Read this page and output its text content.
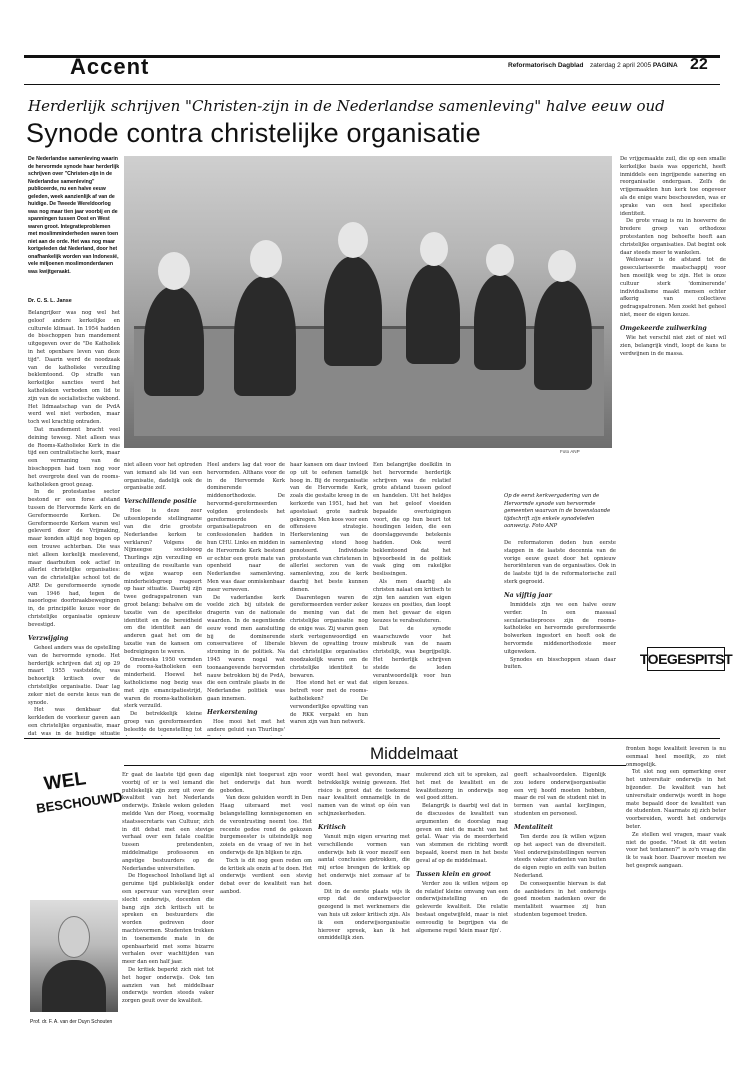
Accent	Reformatorisch Dagblad zaterdag 2 april 2005 PAGINA 22
Herderlijk schrijven "Christen-zijn in de Nederlandse samenleving" halve eeuw oud
Synode contra christelijke organisatie
De Nederlandse samenleving waarin de hervormde synode haar herderlijk schrijven over "Christen-zijn in de Nederlandse samenleving" publiceerde, nu een halve eeuw geleden, week aanzienlijk af van de huidige. De Tweede Wereldoorlog was nog maar tien jaar voorbij en de spanningen tussen Oost en West waren groot. Integratieproblemen met moslimminderheden waren toen niet aan de orde. Het was nog maar kortgeleden dat Nederland, door het onafhankelijk worden van Indonesië, vele miljoenen moslimonderdanen was kwijtgeraakt.
Dr. C. S. L. Janse

Belangrijker was nog wel het geloof andere kerkelijke en culturele klimaat. In 1954 hadden de bisschoppen hun mandement uitgegeven over de "De Katholiek in het openbare leven van deze tijd". Daarin werd de noodzaak van de katholieke verzuiling beklemtoond. Op straffe van kerkelijke sancties werd het katholieken verboden om lid te zijn van de socialistische vakbond. Het lidmaatschap van de PvdA werd wel niet verboden, maar toch wel krachtig ontraden.

Dat mandement bracht veel deining teweeg. Niet alleen was de Rooms-Katholieke Kerk in die tijd een centralistische kerk, maar een vermaning van de bisschoppen had toen nog voor het overgrote deel van de rooms-katholieken groot gezag.

In de protestantse sector bestond er een forse afstand tussen de Hervormde Kerk en de Gereformeerde Kerken. De Gereformeerde Kerken waren wel geleverd door de Vrijmaking, maar konden altijd nog bogen op een trouwe achterban. Die was niet alleen kerkelijk meelevend, maar daarbuiten ook actief in allerlei christelijke organisaties: van de christelijke school tot de ARP. De gereformeerde synode van 1946 had, tegen de naoorlogse doorbraakbewegingen in, de principiële keuze voor de christelijke organisatie opnieuw bevestigd.

Verzwijging

Geheel anders was de opstelling van de hervormde synode. Het herderlijk schrijven dat zij op 29 maart 1955 vaststelde, was behoorlijk kritisch over de christelijke organisatie. Daar lag zeker niet de eerste keus van de synode.

Het was denkbaar dat kerkleden de voorkeur gaven aan een christelijke organisatie, maar dat was in de huidige situatie

Foto ANP

niet alleen voor het optreden van iemand als lid van een organisatie, dadelijk ook de organisatie zelf.

Verschillende positie

Hoe is deze zeer uiteenlopende stellingname van die drie grootste Nederlandse kerken te verklaren? Volgens de Nijmeegse sociolooog Thurlings zijn verzuiling en ontzuiling de resultante van de wijze waarop een minderheidsgroep reageert op haar situatie. Daarbij zijn twee gedragspatronen van groot belang: behalve om de taxatie van de specifieke identiteit en de bereidheid om die identiteit aan de anderen gaat het om de taxatie van de kansen om bedreigingen te weren.

Omstreeks 1950 vormden de rooms-katholieken een minderheid. Hoewel het katholicisme nog bezig was met zijn emancipatiestrijd, waren de rooms-katholieken sterk verzuild.

De betrekkelijk kleine groep van gereformeerden beleefde de tegenstelling tot

Heel anders lag dat voor de hervormden. Althans voor de in de Hervormde Kerk dominerende middenorthodoxie. De hervormd-gereformeerden volgden grotendeels het gereformeerde organisatiepatroon en de confessionelen hadden in hun CHU. Links en midden in de Hervormde Kerk bestond er echter een grote mate van openheid naar de Nederlandse samenleving. Men was daar onmiskenbaar meer verweven.

De vaderlandse kerk voelde zich bij uitstek de dragerin van de nationale waarden. In de negentiende eeuw vond men aansluiting bij de dominerende conservatieve of liberale stroming in de politiek. Na 1945 waren nogal wat toonaangevende hervormden nauw betrokken bij de PvdA, die een centrale plaats in de Nederlandse politiek was gaan innemen.

Herkerstening

Hoe mooi het met het andere geluid van Thurlings'

haar kansen om daar invloed op uit te oefenen tamelijk hoog in. Bij de reorganisatie van de Hervormde Kerk, zoals die gestalte kreeg in de kerkorde van 1951, had het apostolaat grote nadruk gekregen. Men koos voor een offensieve strategie. Herkerstening van de samenleving stond hoog genoteerd. Individuele protestante van christenen in allerlei sectoren van de samenleving, zou de kerk daarbij het beste kunnen dienen.

Daarentegen waren de gereformeerden verder zeker de mening van dat de christelijke organisatie nog de enige was. Zij waren geen sterk vertegenwoordigd en bleven de opvatting trouw dat christelijke organisaties noodzakelijk waren om de christelijke identiteit te bewaren.

Hoe stond het er wat dat betreft voor met de rooms-katholieken? De verwonderlijke opvatting van de RKK verpakt en hun waren zijn van hun netwerk.

Een belangrijke doelkilin in het hervormde herderlijk schrijven was de relatief grote afstand tussen geloof en handelen. Uit het heldjes van het geloof vloeiden bepaalde overtuigingen voort, die op hun beurt tot houdingen leiden, die een doorslaggevende betekenis hadden. Ook werd beklemtoond dat het bijvoorbeeld in de politiek vaak ging om rakelijke beslissingen.

Als men daarbij als christen nalaat om kritisch te zijn ten aanzien van eigen keuzes en posities, dan loopt men het gevaar de eigen keuzes te verabsoluteren.

Dat de synode waarschuwde voor het misbruik van de naam christelijk, was begrijpelijk. Het herderlijk schrijven stelde de leden verantwoordelijk voor hun eigen keuzes.

Op de eerst kerkvergadering van de Hervormde synode van hervormde gemeenten waarvan in de bovenstaande tijdschrift zijn enkele synodeleden aanwezig. Foto ANP

De reformatoren deden hun eerste stappen in de laatste decennia van de vorige eeuw gezet door het opnieuw heroriënteren van de organisaties. Ook in de laatste tijd is de reformatorische zuil sterk gegroeid.

Na vijftig jaar

Inmiddels zijn we een halve eeuw verder. In een massaal secularisatieproces zijn de rooms-katholieke en hervormde gereformeerde bolwerken ingestort en heeft ook de hervormde middenorthodoxie meer uitgeweken.

Synodes en bisschoppen staan daar buiten.

De vrijgemaakte zuil, die op een smalle kerkelijke basis was opgericht, heeft inmiddels een ingrijpende sanering en reorganisatie ondergaan. Zelfs de vrijgemaakten hun kerk toe ongeveer als de enige ware beschouwden, was er sprake van een heel specifieke identiteit.

De grote vraag is nu in hoeverre de bredere groep van orthodoxe protestanten nog behoefte heeft aan christelijke organisaties. Dat begint ook daar steeds meer te wankelen.

Weliswaar is de afstand tot de geseculariseerde maatschappij voor hen moeilijk weg te zijn. Het is onze cultuur sterk 'dominerende' individualisme maakt mensen echter afkerig van collectieve gedragspatronen. Men zoekt het geheel niet, meer de eigen keuze.

Omgekeerde zuilwerking

Wie het verschil niet ziet of niet wil zien, belangrijk vindt, loopt de kans te verdwijnen in de massa.

TOEGESPITST
WEL
BESCHOUWD
Prof. dr. F. A. van der Duyn Schouten
Middelmaat

Er gaat de laatste tijd geen dag voorbij of er is wel iemand die publiekelijk zijn zorg uit over de kwaliteit van het Nederlands onderwijs. Enkele weken geleden meldde Van der Ploeg, voormalig staatssecretaris van Cultuur, zich in dit debat met een stevige verhaal over een fatale coalitie tussen pretendenten, middelmatige professoren en angstige bestuurders op de Nederlandse universiteiten.

De Hogeschool Inholland ligt al geruime tijd publiekelijk onder een spervuur van verwijten over slecht onderwijs, docenten die bang zijn zich kritisch uit te spreken en bestuurders die worden gedreven door machtsvormen. Studenten trekken in toenemende mate in de openbaarheid met soms bizarre verhalen over wachttijden van meer dan een half jaar.

De kritiek beperkt zich niet tot het hoger onderwijs. Ook ten aanzien van het middelbaar onderwijs worden steeds vaker zorgen geuit over de kwaliteit.

eigenlijk niet toegerust zijn voor het onderwijs dat hun wordt geboden.

Van deze geluiden wordt in Den Haag uiteraard met veel belangstelling kennisgenomen en de verontrusting neemt toe. Het recente gedoe rond de gekozen burgemeester is uiteindelijk nog zoiets en de vraag of we in het onderwijs de lijn blijken te zijn.

Toch is dit nog geen reden om de kritiek als onzin af te doen. Het onderwijs verdient een stevig debat over de kwaliteit van het aanbod.

wordt heel wat gevonden, maar betrekkelijk weinig gewezen. Het risico is groot dat de toekomst naar kwaliteit omnamelijk in de namen van de winst op één van schijnzekerheden.

Kritisch

Vanuit mijn eigen ervaring met verschillende vormen van onderwijs heb ik voor mezelf een aantal conclusies getrokken, die mij ertoe brengen de kritiek op het onderwijs niet zomaar af te doen.

Dit in de eerste plaats wijs ik erop dat de onderwijssector gezegend is met werknemers die van huis uit zeker kritisch zijn. Als ik een onderwijsorganisatie hierover spreek, kan ik het onmiddellijk zien.

mulerend zich uit te spreken, zal het met de kwaliteit en de kwaliteitszorg in onderwijs nog wel goed zitten.

Belangrijk is daarbij wel dat in de discussies de kwaliteit van argumenten de doorslag mag geven en niet de macht van het getal. Waar via de meerderheid van stemmen de richting wordt bepaald, koerst men in het beste geval af op de middelmaat.

Tussen klein en groot

Verder zou ik willen wijzen op de relatief kleine omvang van een onderwijsinstelling en de geleverde kwaliteit. Die relatie bestaat ongetwijfeld, maar is niet eenvoudig te begrijpen via de algemene regel 'klein maar fijn'.

geeft schaalvoordelen. Eigenlijk zou iedere onderwijsorganisatie een vrij hoofd moeten hebben, maar de rol van de student niet in termen van aantal kerjlingen, studenten en personeel.

Mentaliteit

Ten derde zou ik willen wijzen op het aspect van de diversiteit. Veel onderwijsinstellingen werven steeds vaker studenten van buiten de eigen regio en zelfs van buiten Nederland.

De consequentie hiervan is dat de aanbieders in het onderwijs goed moeten nadenken over de mentaliteit waarmee zij hun studenten tegemoet treden.

fronten hoge kwaliteit leveren is nu eenmaal heel moeilijk, zo niet onmogelijk.

Tot slot nog een opmerking over het universitair onderwijs in het bijzonder. De kwaliteit van het universitair onderwijs wordt in hoge mate bepaald door de kwaliteit van de studenten. Naarmate zij zich beter voorbereiden, wordt het onderwijs beter.

Ze stellen wel vragen, maar vaak niet de goede. "Moet ik dit weten voor het tentamen?" is zo'n vraag die ik te vaak hoor. Daarover moeten we het gesprek aangaan.
